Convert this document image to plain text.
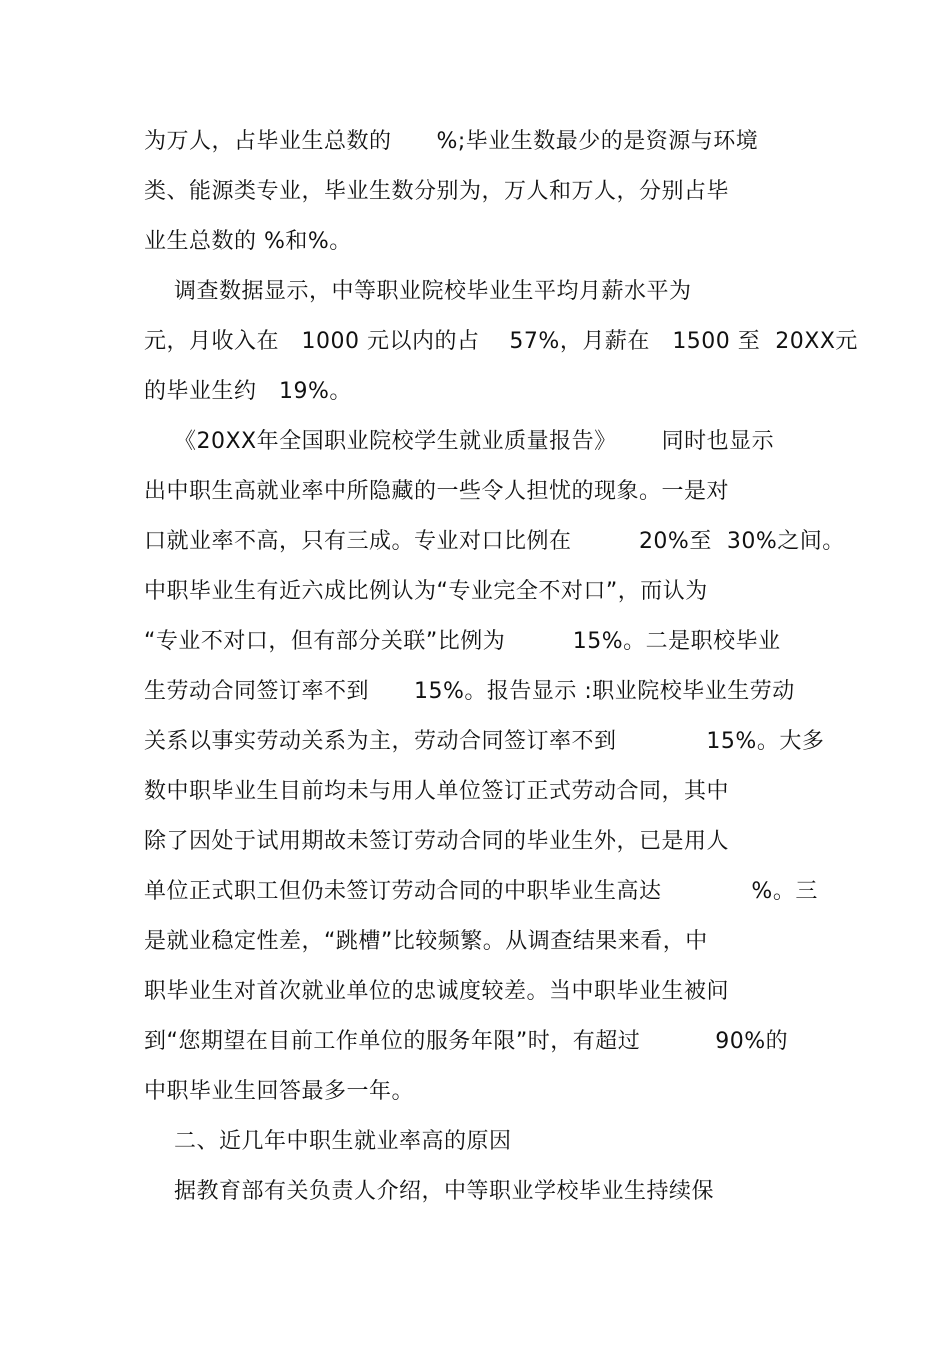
为万人，占毕业生总数的      %;毕业生数最少的是资源与环境
类、能源类专业，毕业生数分别为，万人和万人，分别占毕
业生总数的 %和%。
调查数据显示，中等职业院校毕业生平均月薪水平为
元，月收入在   1000 元以内的占    57%，月薪在   1500 至  20XX元
的毕业生约   19%。
《20XX年全国职业院校学生就业质量报告》      同时也显示
出中职生高就业率中所隐藏的一些令人担忧的现象。一是对
口就业率不高，只有三成。专业对口比例在         20%至  30%之间。
中职毕业生有近六成比例认为“专业完全不对口”，而认为
“专业不对口，但有部分关联”比例为         15%。二是职校毕业
生劳动合同签订率不到      15%。报告显示 :职业院校毕业生劳动
关系以事实劳动关系为主，劳动合同签订率不到            15%。大多
数中职毕业生目前均未与用人单位签订正式劳动合同，其中
除了因处于试用期故未签订劳动合同的毕业生外，已是用人
单位正式职工但仍未签订劳动合同的中职毕业生高达            %。三
是就业稳定性差，“跳槽”比较频繁。从调查结果来看，中
职毕业生对首次就业单位的忠诚度较差。当中职毕业生被问
到“您期望在目前工作单位的服务年限”时，有超过          90%的
中职毕业生回答最多一年。
二、近几年中职生就业率高的原因
据教育部有关负责人介绍，中等职业学校毕业生持续保
